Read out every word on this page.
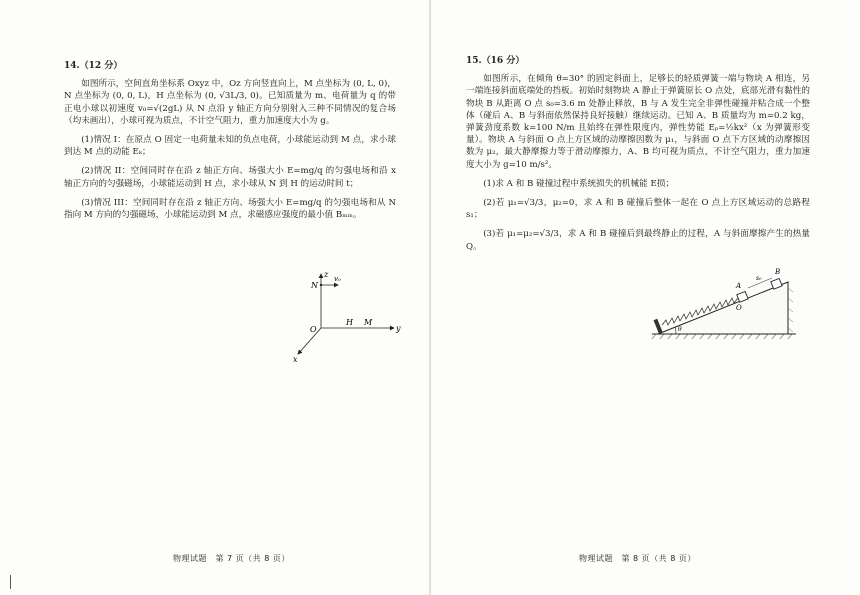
14.（12 分）

如图所示，空间直角坐标系 Oxyz 中，Oz 方向竖直向上，M 点坐标为 (0, L, 0)，N 点坐标为 (0, 0, L)，H 点坐标为 (0, √3L/3, 0)。已知质量为 m、电荷量为 q 的带正电小球以初速度 v₀=√(2gL) 从 N 点沿 y 轴正方向分别射入三种不同情况的复合场（均未画出），小球可视为质点，不计空气阻力，重力加速度大小为 g。

(1)情况 I：在原点 O 固定一电荷量未知的负点电荷，小球能运动到 M 点，求小球到达 M 点的动能 Eₖ；

(2)情况 II：空间同时存在沿 z 轴正方向、场强大小 E=mg/q 的匀强电场和沿 x 轴正方向的匀强磁场，小球能运动到 H 点，求小球从 N 到 H 的运动时间 t；

(3)情况 III：空间同时存在沿 z 轴正方向、场强大小 E=mg/q 的匀强电场和从 N 指向 M 方向的匀强磁场，小球能运动到 M 点，求磁感应强度的最小值 Bₘᵢₙ。

z
N
v₀
O
H M
y
x
物理试题　第 7 页（共 8 页）
15.（16 分）

如图所示，在倾角 θ=30° 的固定斜面上，足够长的轻质弹簧一端与物块 A 相连，另一端连接斜面底端处的挡板。初始时刻物块 A 静止于弹簧原长 O 点处，底部光滑有黏性的物块 B 从距离 O 点 s₀=3.6 m 处静止释放，B 与 A 发生完全非弹性碰撞并粘合成一个整体（碰后 A、B 与斜面依然保持良好接触）继续运动。已知 A、B 质量均为 m=0.2 kg，弹簧劲度系数 k=100 N/m 且始终在弹性限度内，弹性势能 Eₚ=½kx²（x 为弹簧形变量）。物块 A 与斜面 O 点上方区域的动摩擦因数为 μ₁，与斜面 O 点下方区域的动摩擦因数为 μ₂，最大静摩擦力等于滑动摩擦力，A、B 均可视为质点，不计空气阻力，重力加速度大小为 g=10 m/s²。

(1)求 A 和 B 碰撞过程中系统损失的机械能 E损；

(2)若 μ₁=√3/3，μ₂=0，求 A 和 B 碰撞后整体一起在 O 点上方区域运动的总路程 s₁；

(3)若 μ₁=μ₂=√3/3，求 A 和 B 碰撞后到最终静止的过程，A 与斜面摩擦产生的热量 Q。

A
B
s₀
O
θ
物理试题　第 8 页（共 8 页）
